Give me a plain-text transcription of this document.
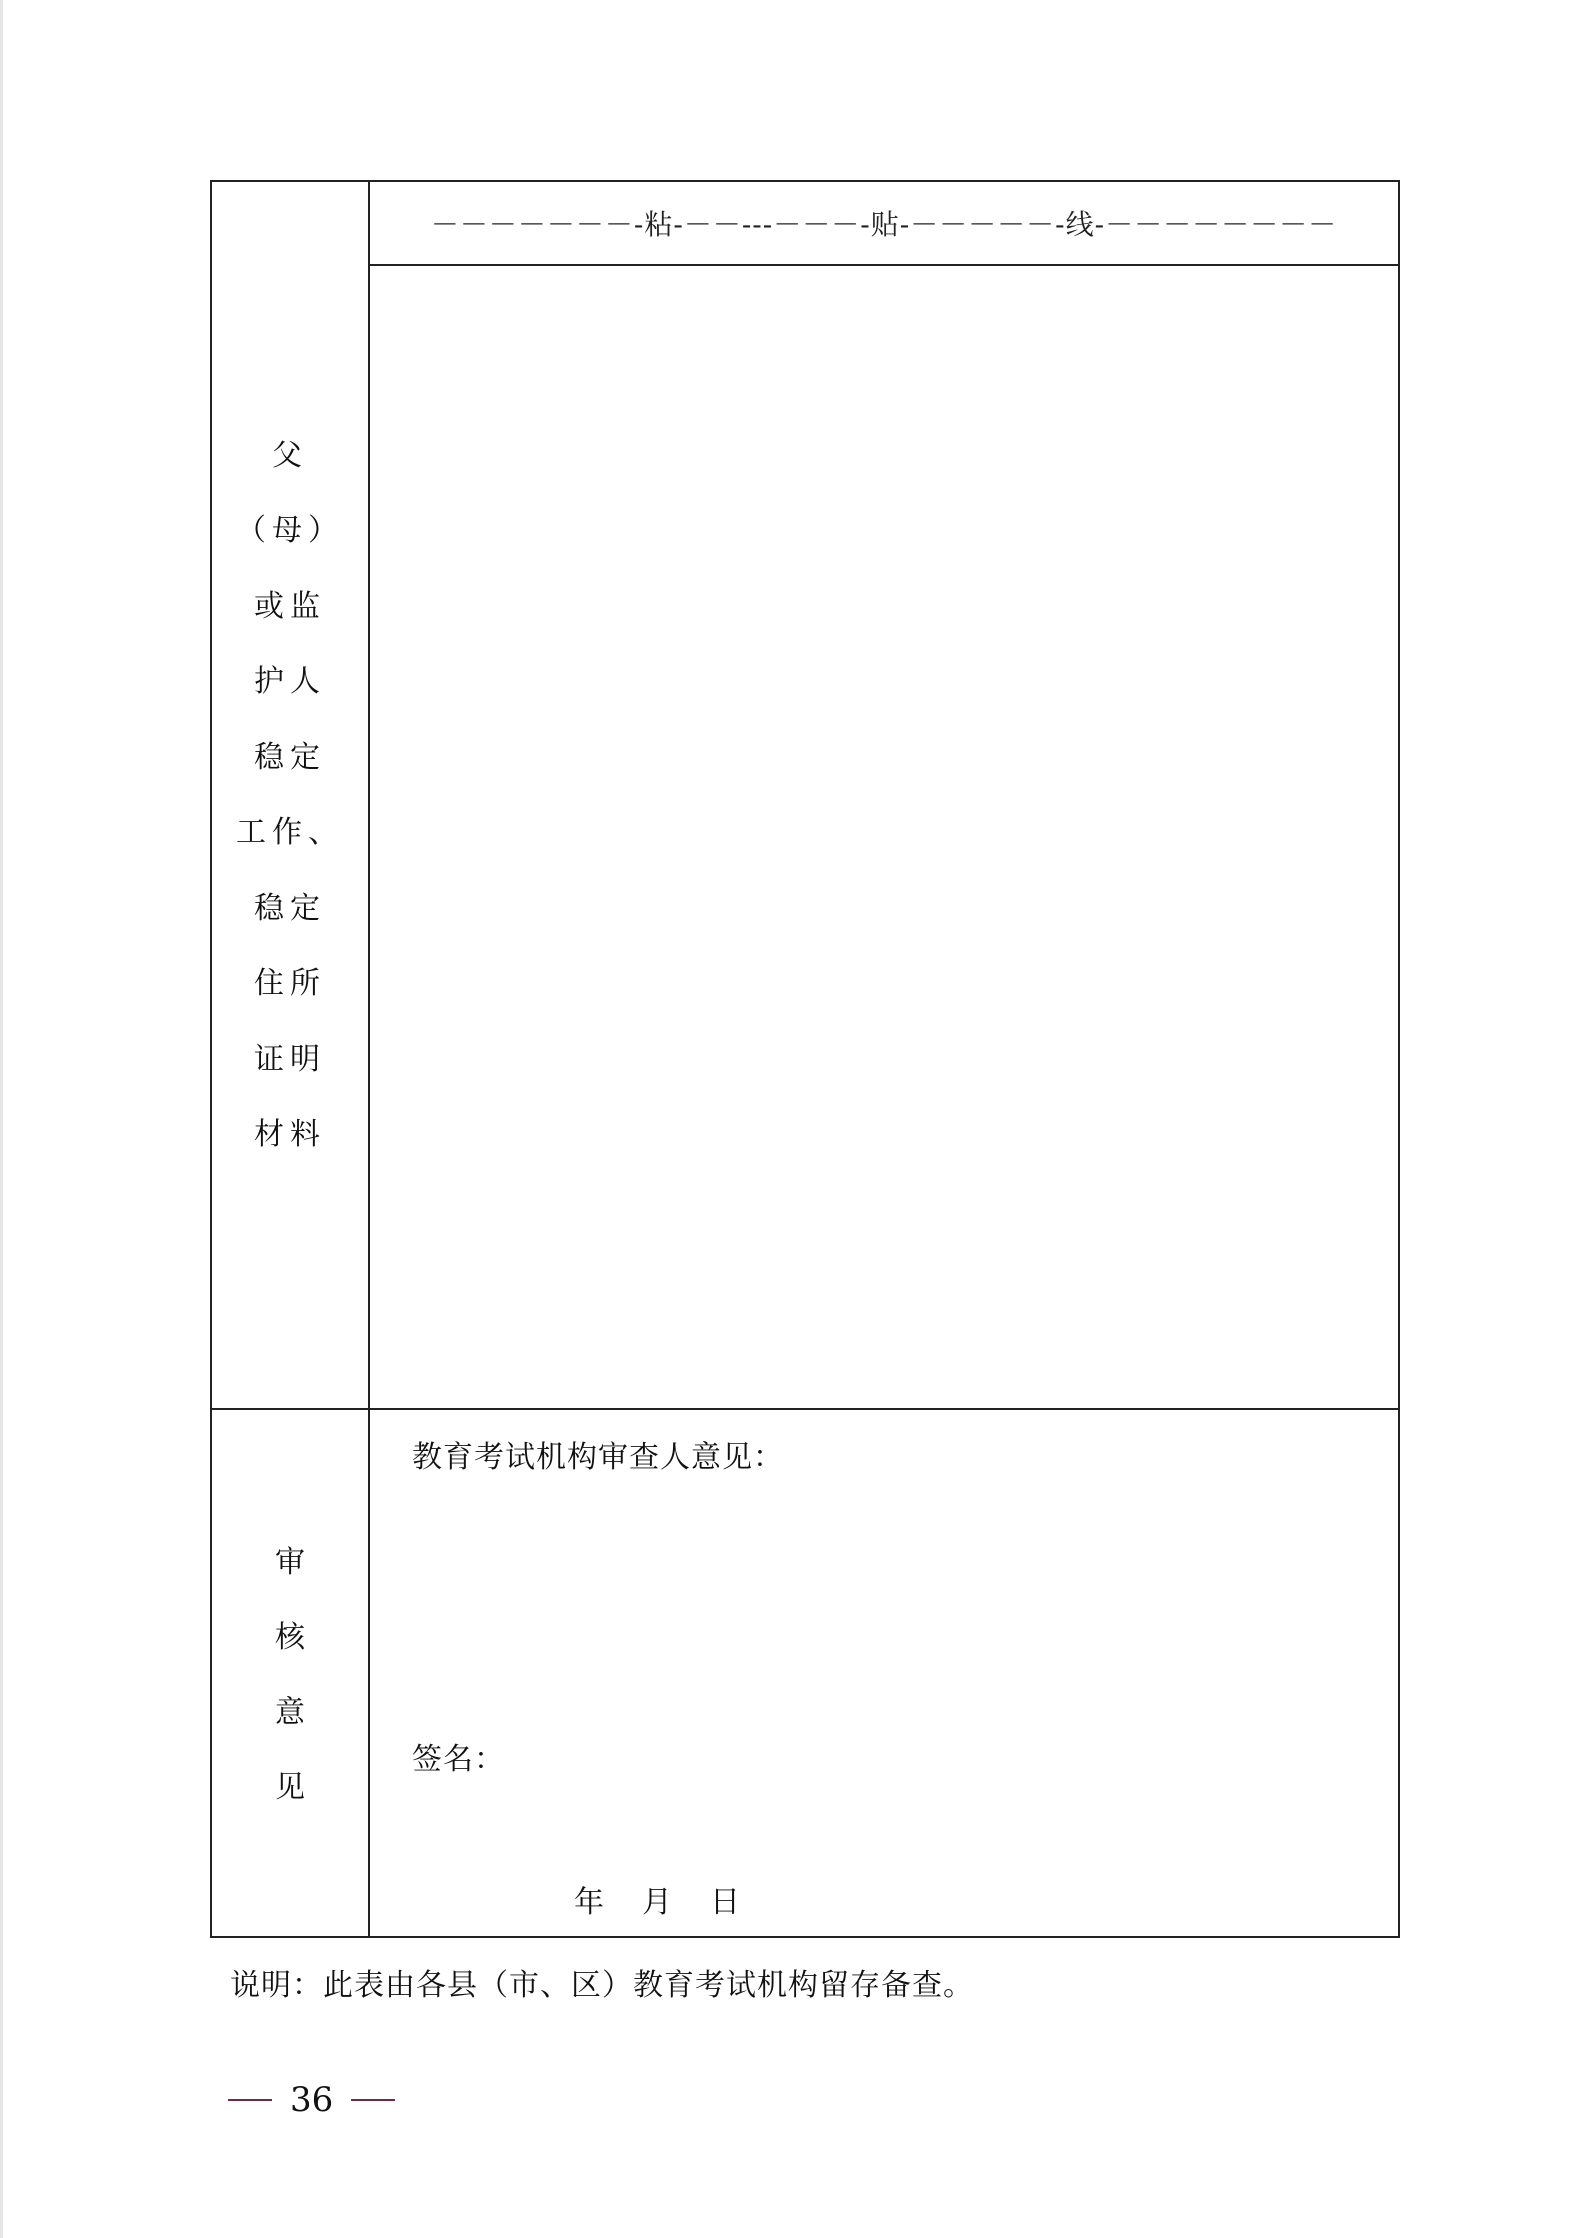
－－－－－－－-粘-－－---－－－-贴-－－－－－-线-－－－－－－－－
父
（母）
或监
护人
稳定
工作、
稳定
住所
证明
材料
审
核
意
见
教育考试机构审查人意见：
签名：
年　月　日
说明：此表由各县（市、区）教育考试机构留存备查。
36
